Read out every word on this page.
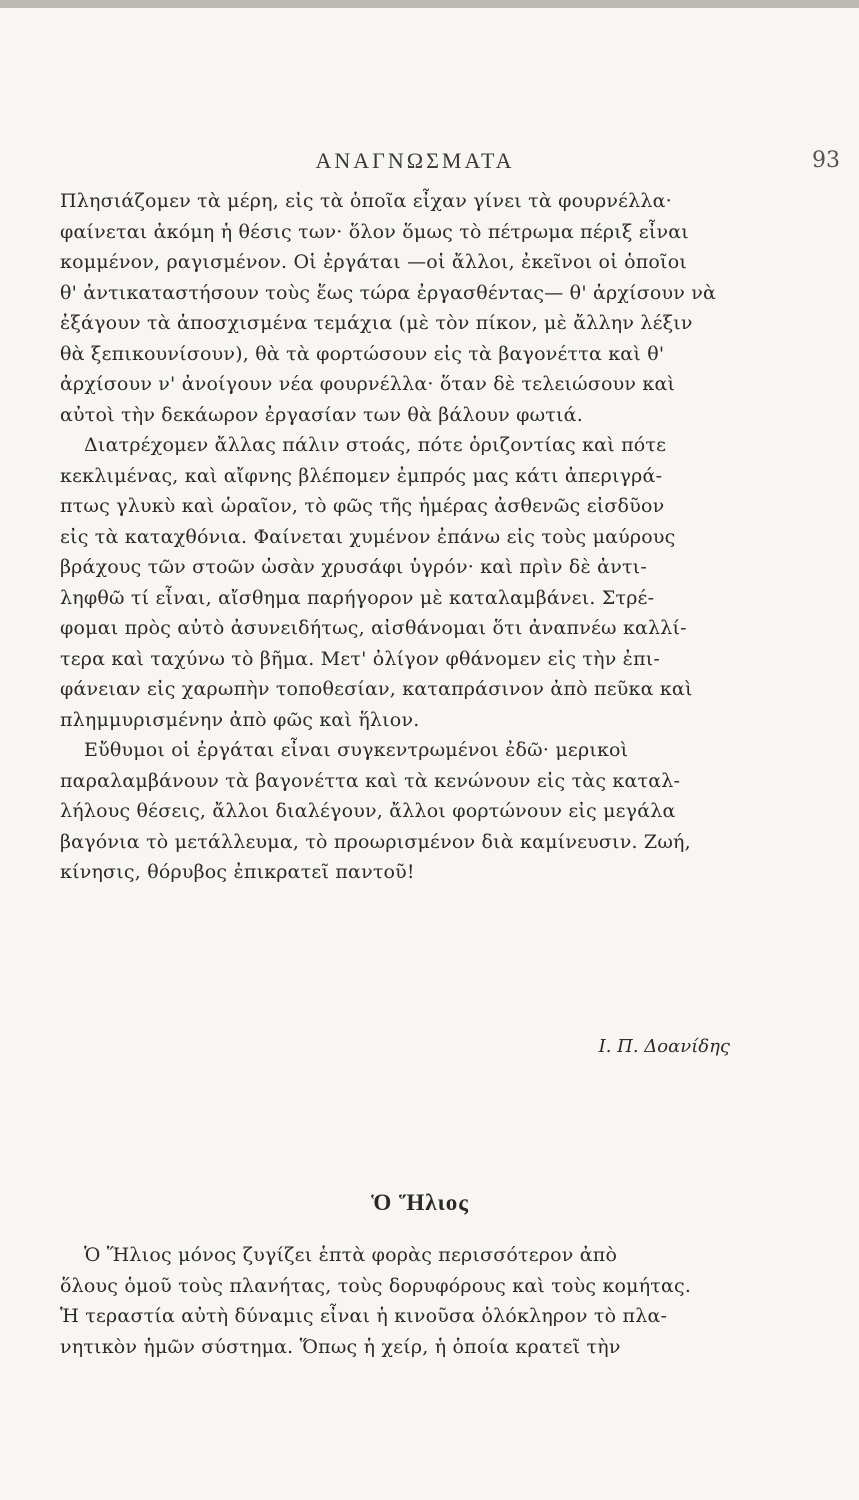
ΑΝΑΓΝΩΣΜΑΤΑ	93
Πλησιάζομεν τὰ μέρη, εἰς τὰ ὁποῖα εἶχαν γίνει τὰ φουρνέλλα·
φαίνεται ἀκόμη ἡ θέσις των· ὅλον ὅμως τὸ πέτρωμα πέριξ εἶναι
κομμένον, ραγισμένον. Οἱ ἐργάται —οἱ ἄλλοι, ἐκεῖνοι οἱ ὁποῖοι
θ' ἀντικαταστήσουν τοὺς ἕως τώρα ἐργασθέντας— θ' ἀρχίσουν νὰ
ἐξάγουν τὰ ἀποσχισμένα τεμάχια (μὲ τὸν πίκον, μὲ ἄλλην λέξιν
θὰ ξεπικουνίσουν), θὰ τὰ φορτώσουν εἰς τὰ βαγονέττα καὶ θ'
ἀρχίσουν ν' ἀνοίγουν νέα φουρνέλλα· ὅταν δὲ τελειώσουν καὶ
αὐτοὶ τὴν δεκάωρον ἐργασίαν των θὰ βάλουν φωτιά.
Διατρέχομεν ἄλλας πάλιν στοάς, πότε ὁριζοντίας καὶ πότε
κεκλιμένας, καὶ αἴφνης βλέπομεν ἐμπρός μας κάτι ἀπεριγρά-
πτως γλυκὺ καὶ ὡραῖον, τὸ φῶς τῆς ἡμέρας ἀσθενῶς εἰσδῦον
εἰς τὰ καταχθόνια. Φαίνεται χυμένον ἐπάνω εἰς τοὺς μαύρους
βράχους τῶν στοῶν ὡσὰν χρυσάφι ὑγρόν· καὶ πρὶν δὲ ἀντι-
ληφθῶ τί εἶναι, αἴσθημα παρήγορον μὲ καταλαμβάνει. Στρέ-
φομαι πρὸς αὐτὸ ἀσυνειδήτως, αἰσθάνομαι ὅτι ἀναπνέω καλλί-
τερα καὶ ταχύνω τὸ βῆμα. Μετ' ὀλίγον φθάνομεν εἰς τὴν ἐπι-
φάνειαν εἰς χαρωπὴν τοποθεσίαν, καταπράσινον ἀπὸ πεῦκα καὶ
πλημμυρισμένην ἀπὸ φῶς καὶ ἥλιον.
Εὔθυμοι οἱ ἐργάται εἶναι συγκεντρωμένοι ἐδῶ· μερικοὶ
παραλαμβάνουν τὰ βαγονέττα καὶ τὰ κενώνουν εἰς τὰς καταλ-
λήλους θέσεις, ἄλλοι διαλέγουν, ἄλλοι φορτώνουν εἰς μεγάλα
βαγόνια τὸ μετάλλευμα, τὸ προωρισμένον διὰ καμίνευσιν. Ζωή,
κίνησις, θόρυβος ἐπικρατεῖ παντοῦ!
Ι. Π. Δοανίδης
Ὁ Ἥλιος
Ὁ Ἥλιος μόνος ζυγίζει ἑπτὰ φορὰς περισσότερον ἀπὸ
ὅλους ὁμοῦ τοὺς πλανήτας, τοὺς δορυφόρους καὶ τοὺς κομήτας.
Ἡ τεραστία αὐτὴ δύναμις εἶναι ἡ κινοῦσα ὁλόκληρον τὸ πλα-
νητικὸν ἡμῶν σύστημα. Ὅπως ἡ χείρ, ἡ ὁποία κρατεῖ τὴν
